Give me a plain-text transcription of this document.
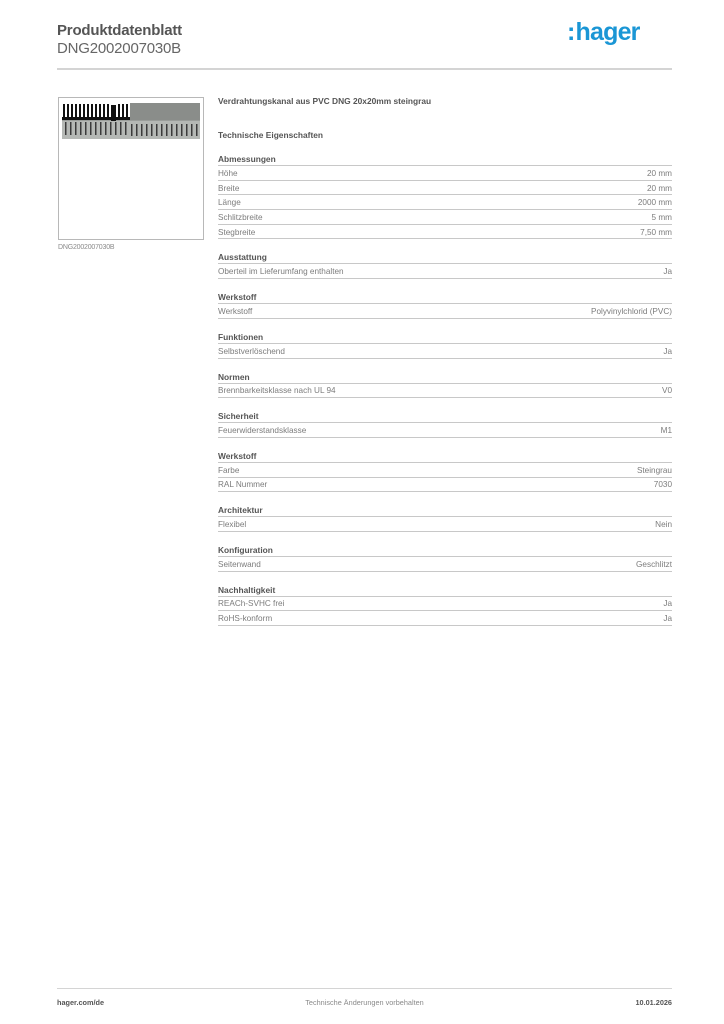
Produktdatenblatt
DNG2002007030B
:hager
DNG2002007030B
Verdrahtungskanal aus PVC DNG 20x20mm steingrau
Technische Eigenschaften
Abmessungen
Höhe	20 mm
Breite	20 mm
Länge	2000 mm
Schlitzbreite	5 mm
Stegbreite	7,50 mm
Ausstattung
Oberteil im Lieferumfang enthalten	Ja
Werkstoff
Werkstoff	Polyvinylchlorid (PVC)
Funktionen
Selbstverlöschend	Ja
Normen
Brennbarkeitsklasse nach UL 94	V0
Sicherheit
Feuerwiderstandsklasse	M1
Werkstoff
Farbe	Steingrau
RAL Nummer	7030
Architektur
Flexibel	Nein
Konfiguration
Seitenwand	Geschlitzt
Nachhaltigkeit
REACh-SVHC frei	Ja
RoHS-konform	Ja
hager.com/de	Technische Änderungen vorbehalten	10.01.2026
